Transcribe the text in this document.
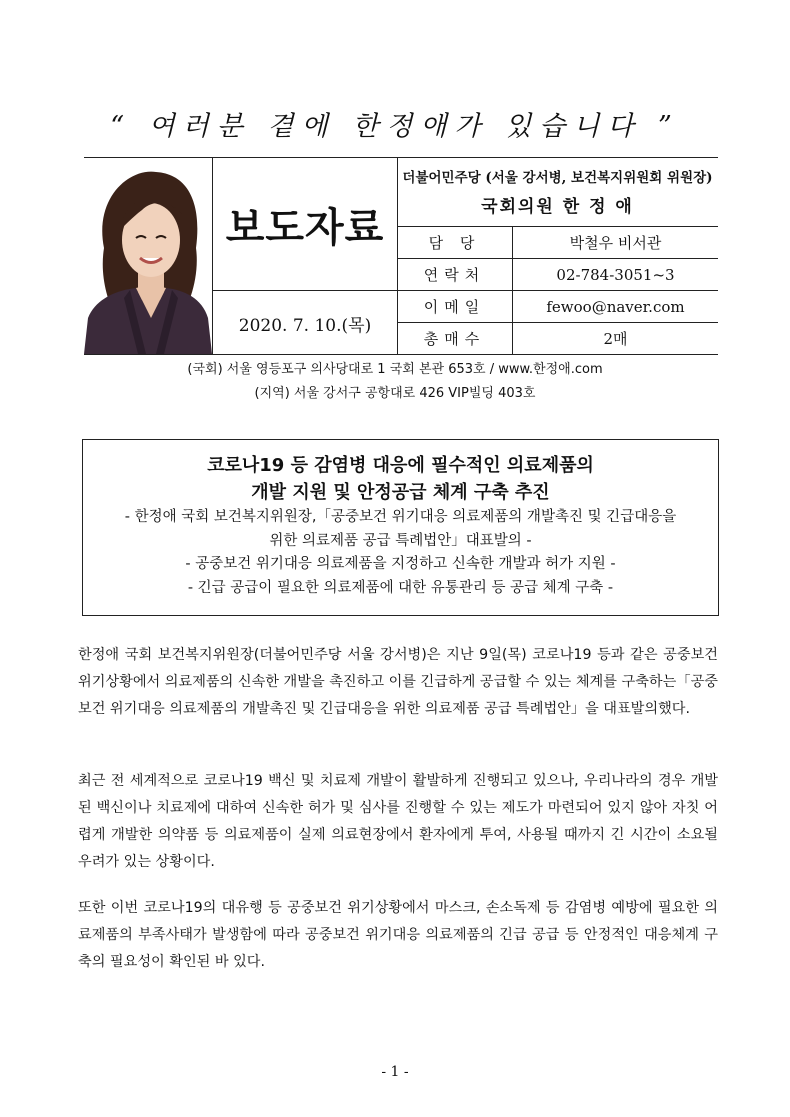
“ 여러분 곁에 한정애가 있습니다 ”
보도자료
2020. 7. 10.(목)
더불어민주당 (서울 강서병, 보건복지위원회 위원장)
국회의원 한 정 애
담 당	박철우 비서관
연락처	02-784-3051~3
이메일	fewoo@naver.com
총매수	2매
(국회) 서울 영등포구 의사당대로 1 국회 본관 653호 / www.한정애.com
(지역) 서울 강서구 공항대로 426 VIP빌딩 403호
코로나19 등 감염병 대응에 필수적인 의료제품의
개발 지원 및 안정공급 체계 구축 추진
- 한정애 국회 보건복지위원장,「공중보건 위기대응 의료제품의 개발촉진 및 긴급대응을
위한 의료제품 공급 특례법안」대표발의 -
- 공중보건 위기대응 의료제품을 지정하고 신속한 개발과 허가 지원 -
- 긴급 공급이 필요한 의료제품에 대한 유통관리 등 공급 체계 구축 -

한정애 국회 보건복지위원장(더불어민주당 서울 강서병)은 지난 9일(목) 코로나19 등과 같은 공중보건 위기상황에서 의료제품의 신속한 개발을 촉진하고 이를 긴급하게 공급할 수 있는 체계를 구축하는「공중보건 위기대응 의료제품의 개발촉진 및 긴급대응을 위한 의료제품 공급 특례법안」을 대표발의했다.

최근 전 세계적으로 코로나19 백신 및 치료제 개발이 활발하게 진행되고 있으나, 우리나라의 경우 개발된 백신이나 치료제에 대하여 신속한 허가 및 심사를 진행할 수 있는 제도가 마련되어 있지 않아 자칫 어렵게 개발한 의약품 등 의료제품이 실제 의료현장에서 환자에게 투여, 사용될 때까지 긴 시간이 소요될 우려가 있는 상황이다.

또한 이번 코로나19의 대유행 등 공중보건 위기상황에서 마스크, 손소독제 등 감염병 예방에 필요한 의료제품의 부족사태가 발생함에 따라 공중보건 위기대응 의료제품의 긴급 공급 등 안정적인 대응체계 구축의 필요성이 확인된 바 있다.

- 1 -
